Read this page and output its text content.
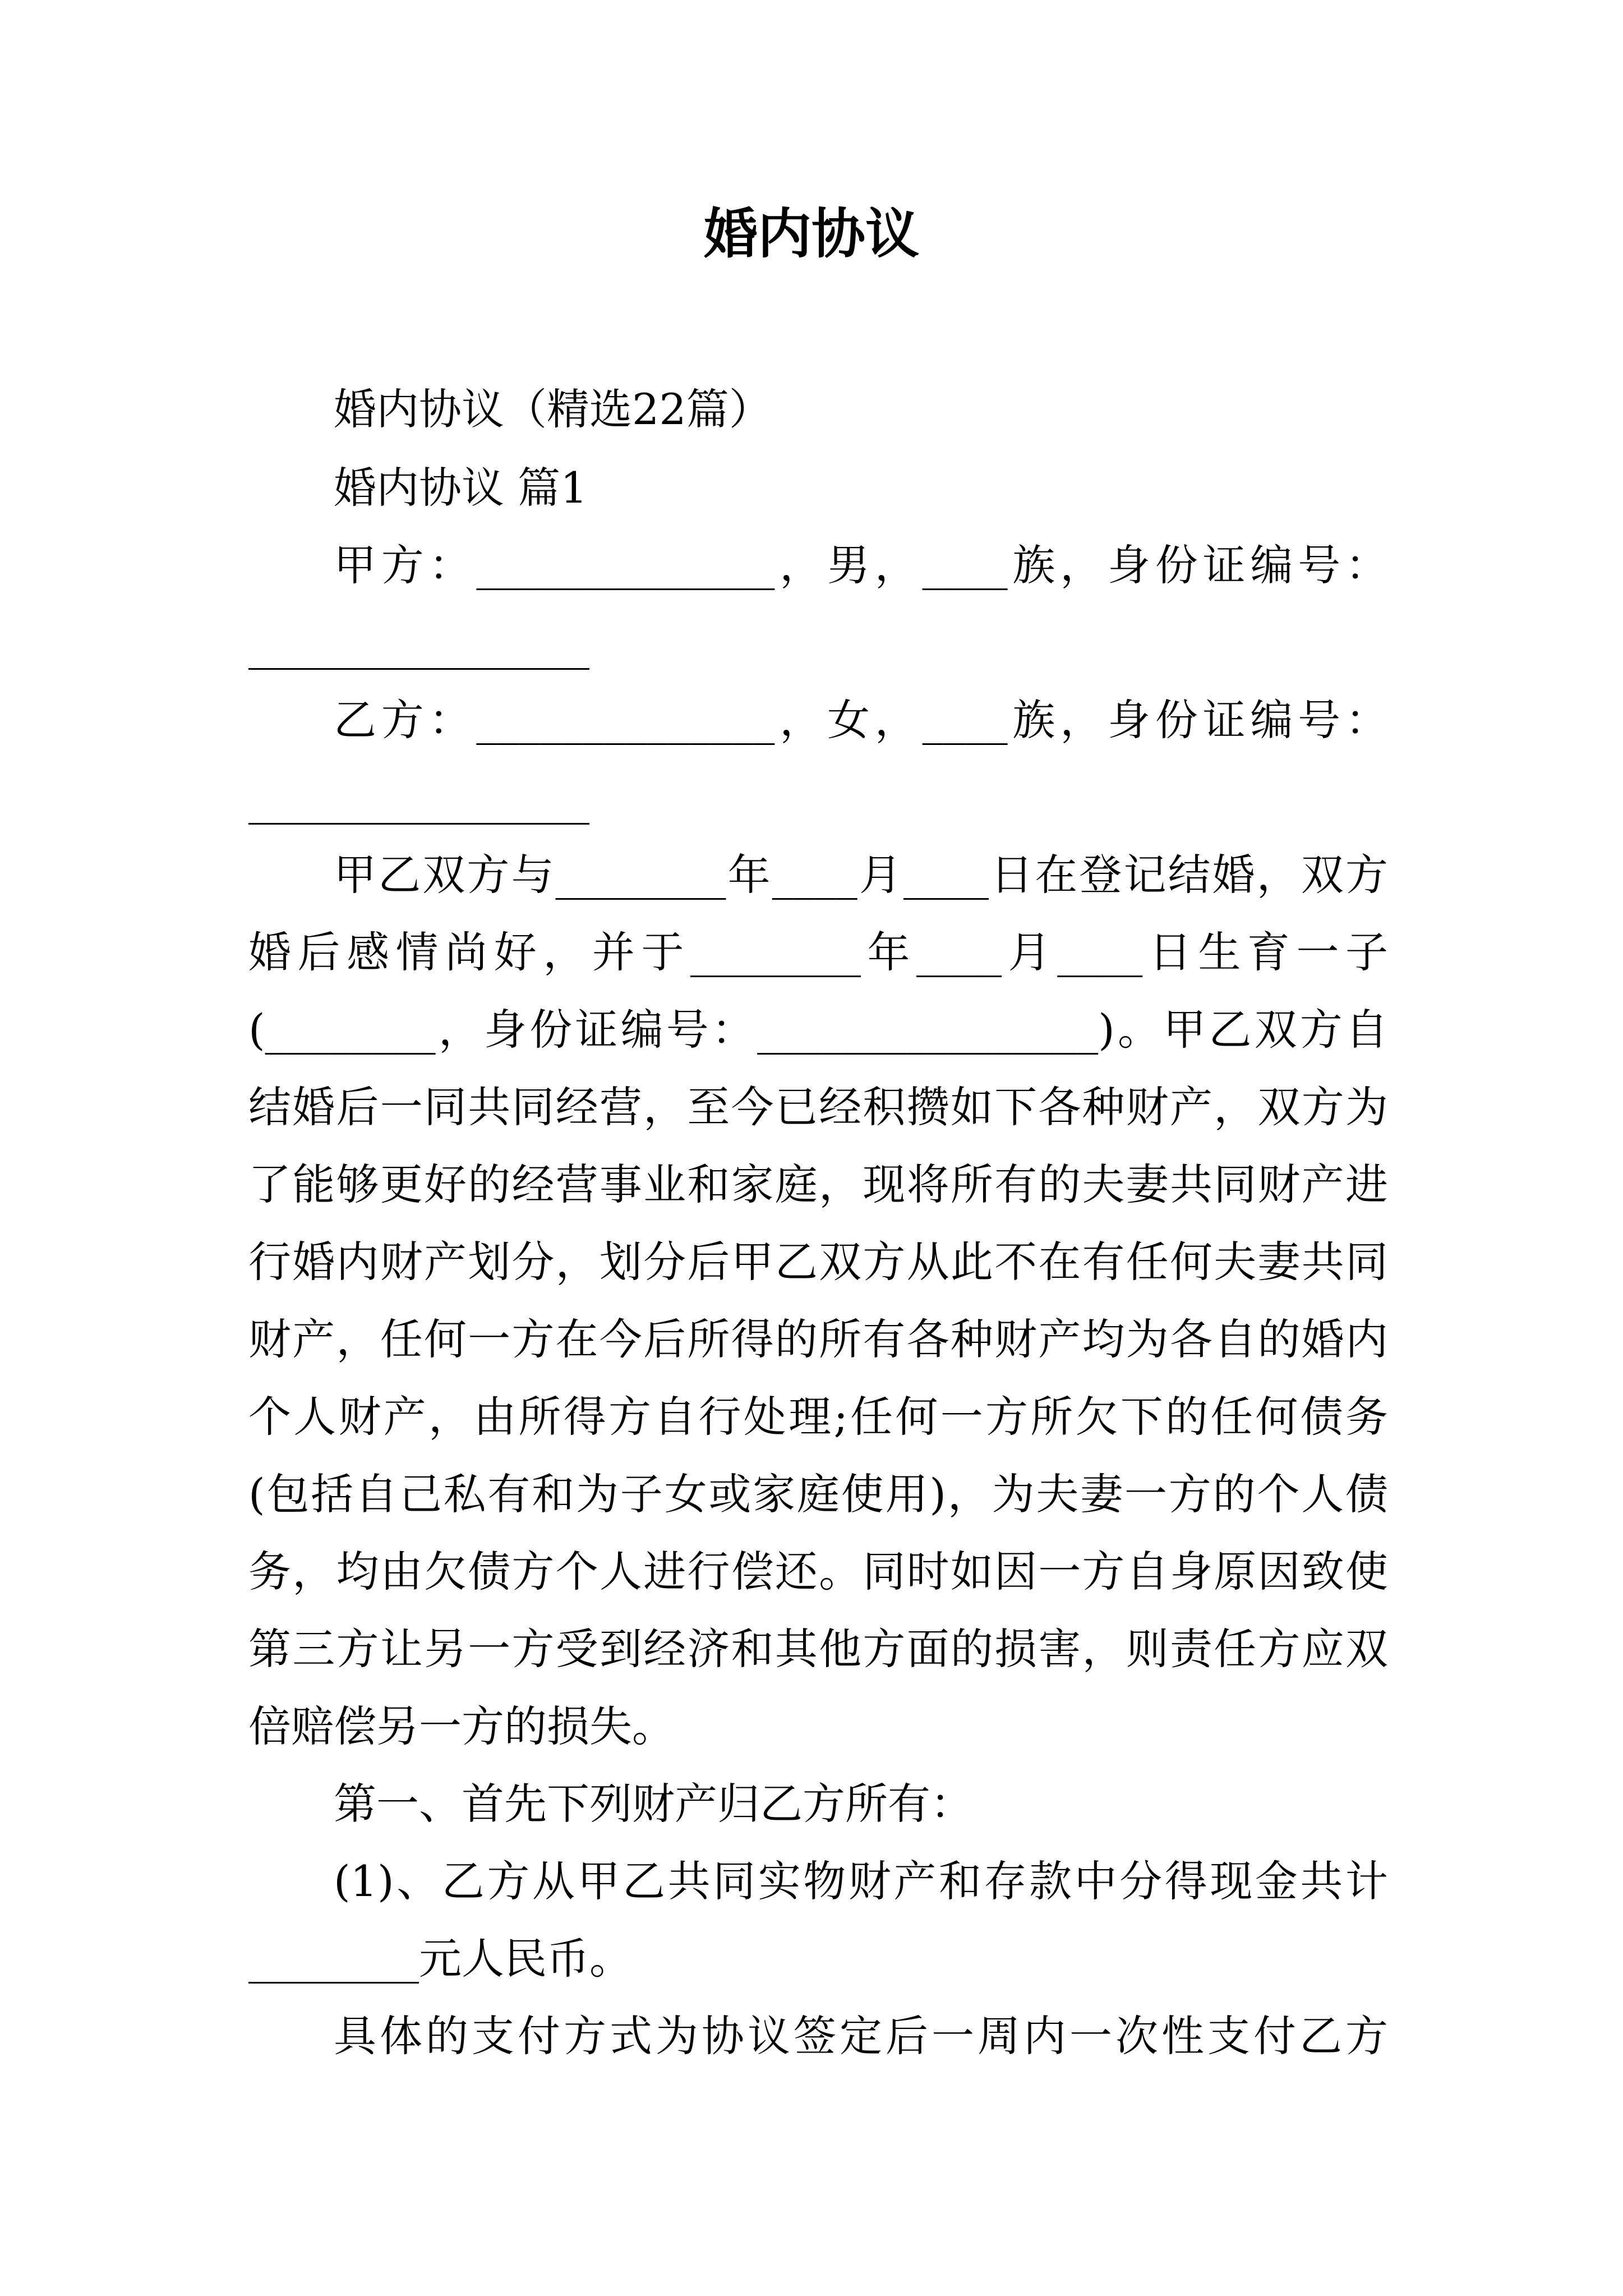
婚内协议
婚内协议（精选22篇）
婚内协议 篇1
甲方：______________，男，____族，身份证编号：
________________
乙方：______________，女，____族，身份证编号：
________________
甲乙双方与________年____月____日在登记结婚，双方
婚后感情尚好，并于________年____月____日生育一子
(________，身份证编号：________________)。甲乙双方自
结婚后一同共同经营，至今已经积攒如下各种财产，双方为
了能够更好的经营事业和家庭，现将所有的夫妻共同财产进
行婚内财产划分，划分后甲乙双方从此不在有任何夫妻共同
财产，任何一方在今后所得的所有各种财产均为各自的婚内
个人财产，由所得方自行处理;任何一方所欠下的任何债务
(包括自己私有和为子女或家庭使用)，为夫妻一方的个人债
务，均由欠债方个人进行偿还。同时如因一方自身原因致使
第三方让另一方受到经济和其他方面的损害，则责任方应双
倍赔偿另一方的损失。
第一、首先下列财产归乙方所有：
(1)、乙方从甲乙共同实物财产和存款中分得现金共计
________元人民币。
具体的支付方式为协议签定后一周内一次性支付乙方
